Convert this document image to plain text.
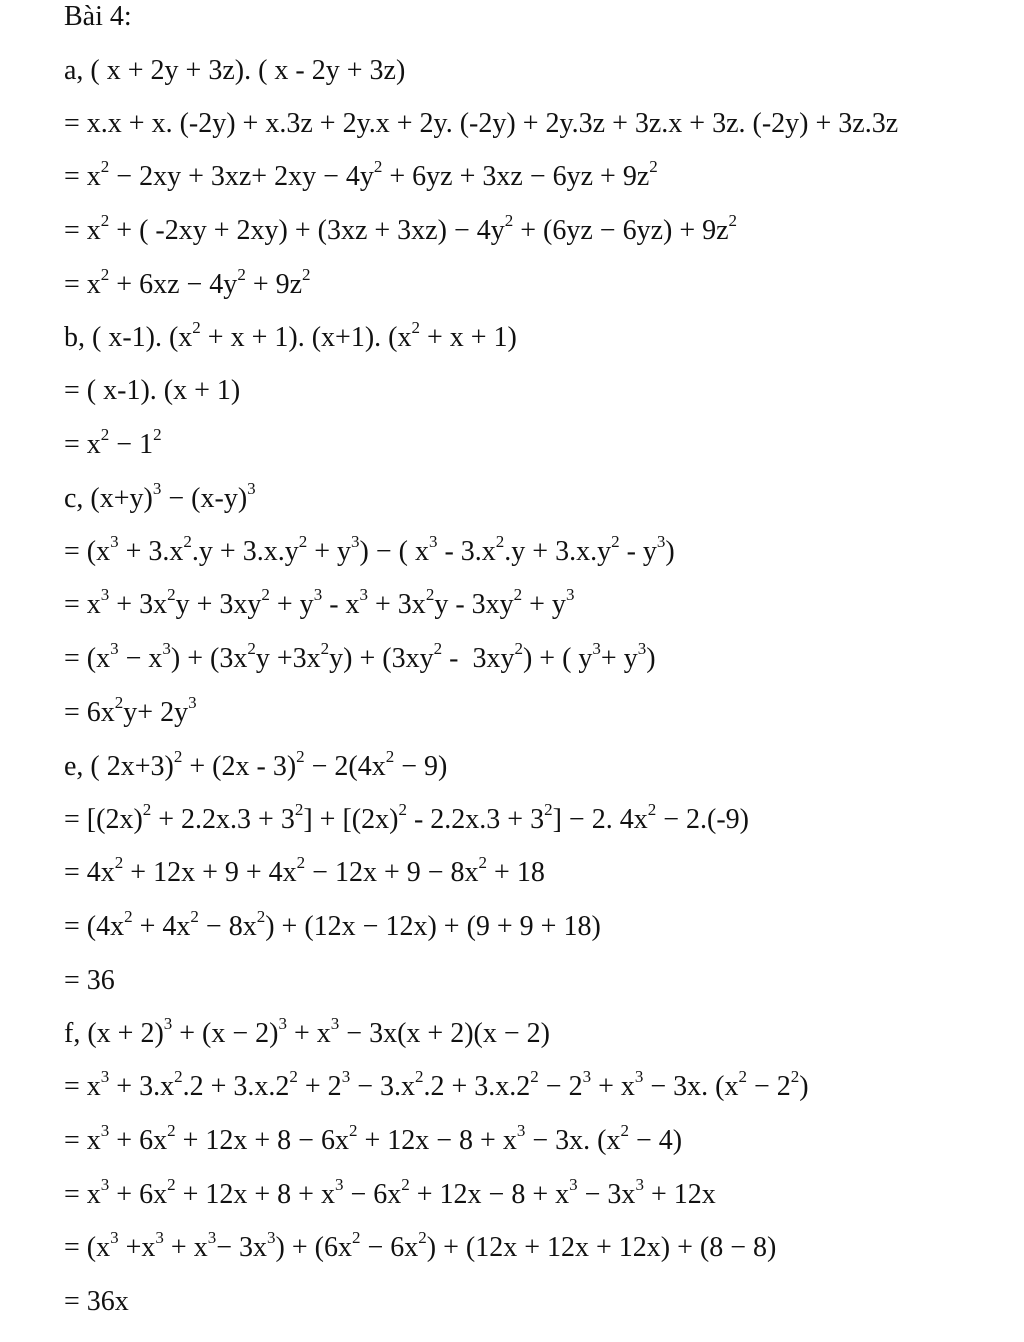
Bài 4:
a, ( x + 2y + 3z). ( x - 2y + 3z)
= x.x + x. (-2y) + x.3z + 2y.x + 2y. (-2y) + 2y.3z + 3z.x + 3z. (-2y) + 3z.3z
= $x^2 - 2xy + 3xz+ 2xy - 4y^2 + 6yz + 3xz - 6yz + 9z^2$
= $x^2$ + ( $-2xy + 2xy) + (3xz + 3xz) - 4y^2 + (6yz - 6yz) + 9z^2$
= $x^2 + 6xz - 4y^2 + 9z^2$
b, ( x-1). $(x^2 + x + 1)$. (x+1). $(x^2 + x + 1)$
= ( x-1). (x + 1)
= $x^2 - 1^2$
c, $(x+y)^3 - (x-y)^3$
= $(x^3 + 3.x^2.y + 3.x.y^2 + y^3)$ − ( $x^3 - 3.x^2.y + 3.x.y^2 - y^3$)
= $x^3 + 3x^2y + 3xy^2 + y^3 - x^3 + 3x^2y - 3xy^2 + y^3$
= $(x^3 - x^3) + (3x^2y +3x^2y) + (3xy^2 - 3xy^2)$ + ( $y^3+ y^3$)
= $6x^2y+ 2y^3$
e, ( $2x+3)^2 + (2x - 3)^2 - 2(4x^2 - 9)$
= $[(2x)^2 + 2.2x.3 + 3^2] + [(2x)^2 - 2.2x.3 + 3^2] - 2$. $4x^2 - 2.(-9)$
= $4x^2 + 12x + 9 + 4x^2 - 12x + 9 - 8x^2 + 18$
= $(4x^2 + 4x^2 - 8x^2) + (12x - 12x) + (9 + 9 + 18)$
= 36
f, $(x + 2)^3 + (x - 2)^3 + x^3 - 3x(x + 2)(x - 2)$
= $x^3 + 3.x^2.2 + 3.x.2^2 + 2^3 - 3.x^2.2 + 3.x.2^2 - 2^3 + x^3 - 3x$. $(x^2 - 2^2)$
= $x^3 + 6x^2 + 12x + 8 - 6x^2 + 12x - 8 + x^3 - 3x$. $(x^2 - 4)$
= $x^3 + 6x^2 + 12x + 8 + x^3 - 6x^2 + 12x - 8 + x^3 - 3x^3 + 12x$
= $(x^3 +x^3 + x^3- 3x^3) + (6x^2 - 6x^2) + (12x + 12x + 12x) + (8 - 8)$
= 36x
